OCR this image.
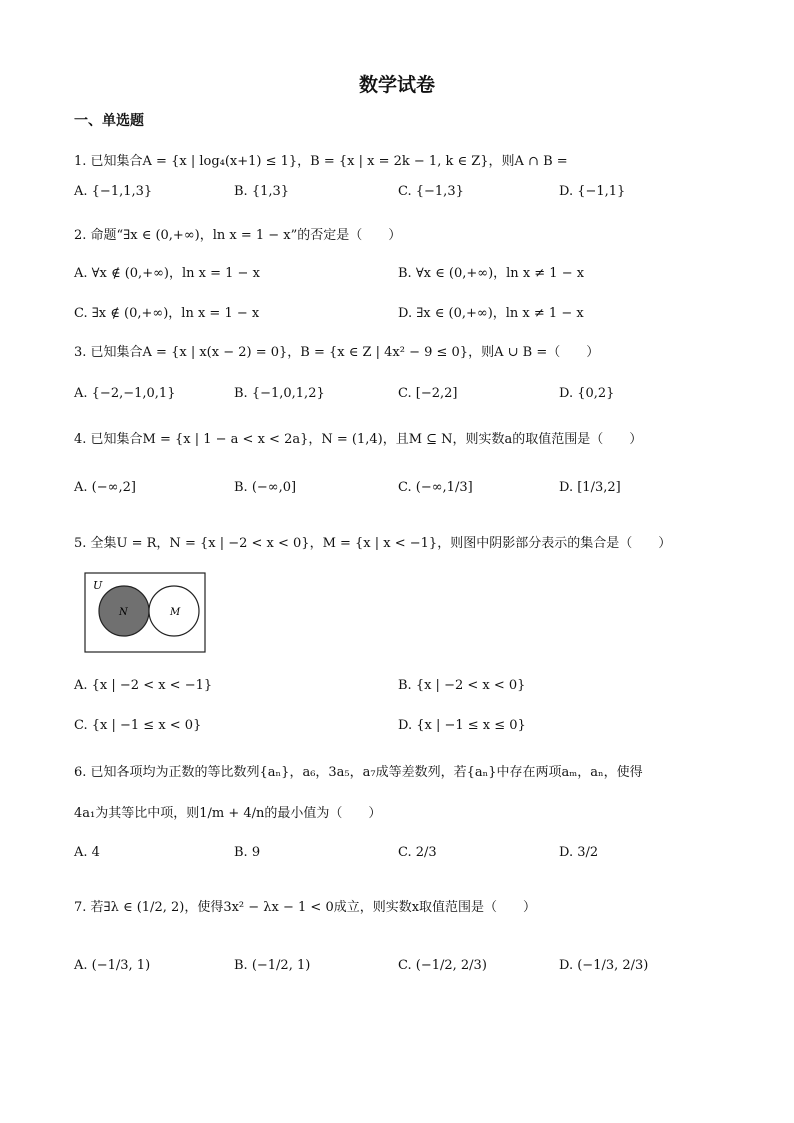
数学试卷
一、单选题
1. 已知集合A = {x | log₄(x+1) ≤ 1}，B = {x | x = 2k − 1, k ∈ Z}，则A ∩ B =
A. {−1,1,3}	B. {1,3}	C. {−1,3}	D. {−1,1}
2. 命题“∃x ∈ (0,+∞)，ln x = 1 − x”的否定是（　　）
A. ∀x ∉ (0,+∞)，ln x = 1 − x	B. ∀x ∈ (0,+∞)，ln x ≠ 1 − x
C. ∃x ∉ (0,+∞)，ln x = 1 − x	D. ∃x ∈ (0,+∞)，ln x ≠ 1 − x
3. 已知集合A = {x | x(x − 2) = 0}，B = {x ∈ Z | 4x² − 9 ≤ 0}，则A ∪ B =（　　）
A. {−2,−1,0,1}	B. {−1,0,1,2}	C. [−2,2]	D. {0,2}
4. 已知集合M = {x | 1 − a < x < 2a}，N = (1,4)，且M ⊆ N，则实数a的取值范围是（　　）
A. (−∞,2]	B. (−∞,0]	C. (−∞,1/3]	D. [1/3,2]
5. 全集U = R，N = {x | −2 < x < 0}，M = {x | x < −1}，则图中阴影部分表示的集合是（　　）
U
N	M
A. {x | −2 < x < −1}	B. {x | −2 < x < 0}
C. {x | −1 ≤ x < 0}	D. {x | −1 ≤ x ≤ 0}
6. 已知各项均为正数的等比数列{aₙ}，a₆，3a₅，a₇成等差数列，若{aₙ}中存在两项aₘ，aₙ，使得
4a₁为其等比中项，则1/m + 4/n的最小值为（　　）
A. 4	B. 9	C. 2/3	D. 3/2
7. 若∃λ ∈ (1/2, 2)，使得3x² − λx − 1 < 0成立，则实数x取值范围是（　　）
A. (−1/3, 1)	B. (−1/2, 1)	C. (−1/2, 2/3)	D. (−1/3, 2/3)
